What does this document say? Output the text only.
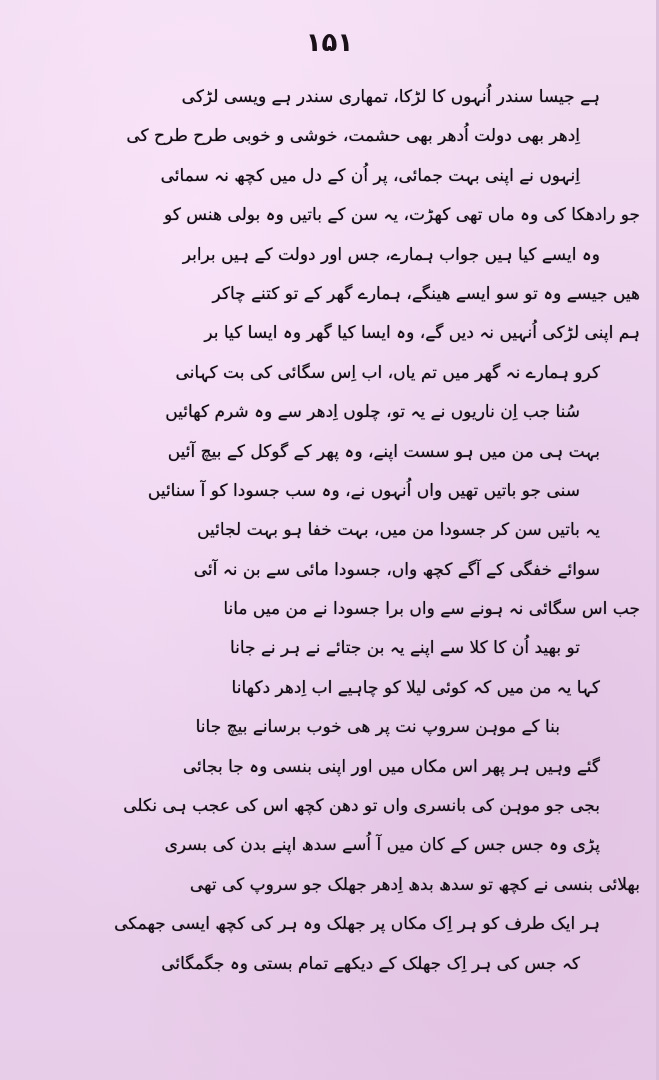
۱۵۱
ہے جیسا سندر اُنہوں کا لڑکا، تمھاری سندر ہے ویسی لڑکی
اِدھر بھی دولت اُدھر بھی حشمت، خوشی و خوبی طرح طرح کی
اِنہوں نے اپنی بہت جمائی، پر اُن کے دل میں کچھ نہ سمائی
جو رادھکا کی وہ ماں تھی کھڑت، یہ سن کے باتیں وہ بولی ھنس کو
وہ ایسے کیا ہیں جواب ہمارے، جس اور دولت کے ہیں برابر
ھیں جیسے وہ تو سو ایسے ھینگے، ہمارے گھر کے تو کتنے چاکر
ہم اپنی لڑکی اُنہیں نہ دیں گے، وہ ایسا کیا گھر وہ ایسا کیا بر
کرو ہمارے نہ گھر میں تم یاں، اب اِس سگائی کی بت کہانی
سُنا جب اِن ناریوں نے یہ تو، چلوں اِدھر سے وہ شرم کھائیں
بہت ہی من میں ہو سست اپنے، وہ پھر کے گوکل کے بیچ آئیں
سنی جو باتیں تھیں واں اُنہوں نے، وہ سب جسودا کو آ سنائیں
یہ باتیں سن کر جسودا من میں، بہت خفا ہو بہت لجائیں
سوائے خفگی کے آگے کچھ واں، جسودا مائی سے بن نہ آئی
جب اس سگائی نہ ہونے سے واں برا جسودا نے من میں مانا
تو بھید اُن کا کلا سے اپنے یہ بن جتائے نے ہر نے جانا
کہا یہ من میں کہ کوئی لیلا کو چاہیے اب اِدھر دکھانا
بنا کے موہن سروپ نت پر ھی خوب برسانے بیچ جانا
گئے وہیں ہر پھر اس مکاں میں اور اپنی بنسی وہ جا بجائی
بجی جو موہن کی بانسری واں تو دھن کچھ اس کی عجب ہی نکلی
پڑی وہ جس جس کے کان میں آ اُسے سدھ اپنے بدن کی بسری
بھلائی بنسی نے کچھ تو سدھ بدھ اِدھر جھلک جو سروپ کی تھی
ہر ایک طرف کو ہر اِک مکاں پر جھلک وہ ہر کی کچھ ایسی جھمکی
کہ جس کی ہر اِک جھلک کے دیکھے تمام بستی وہ جگمگائی
